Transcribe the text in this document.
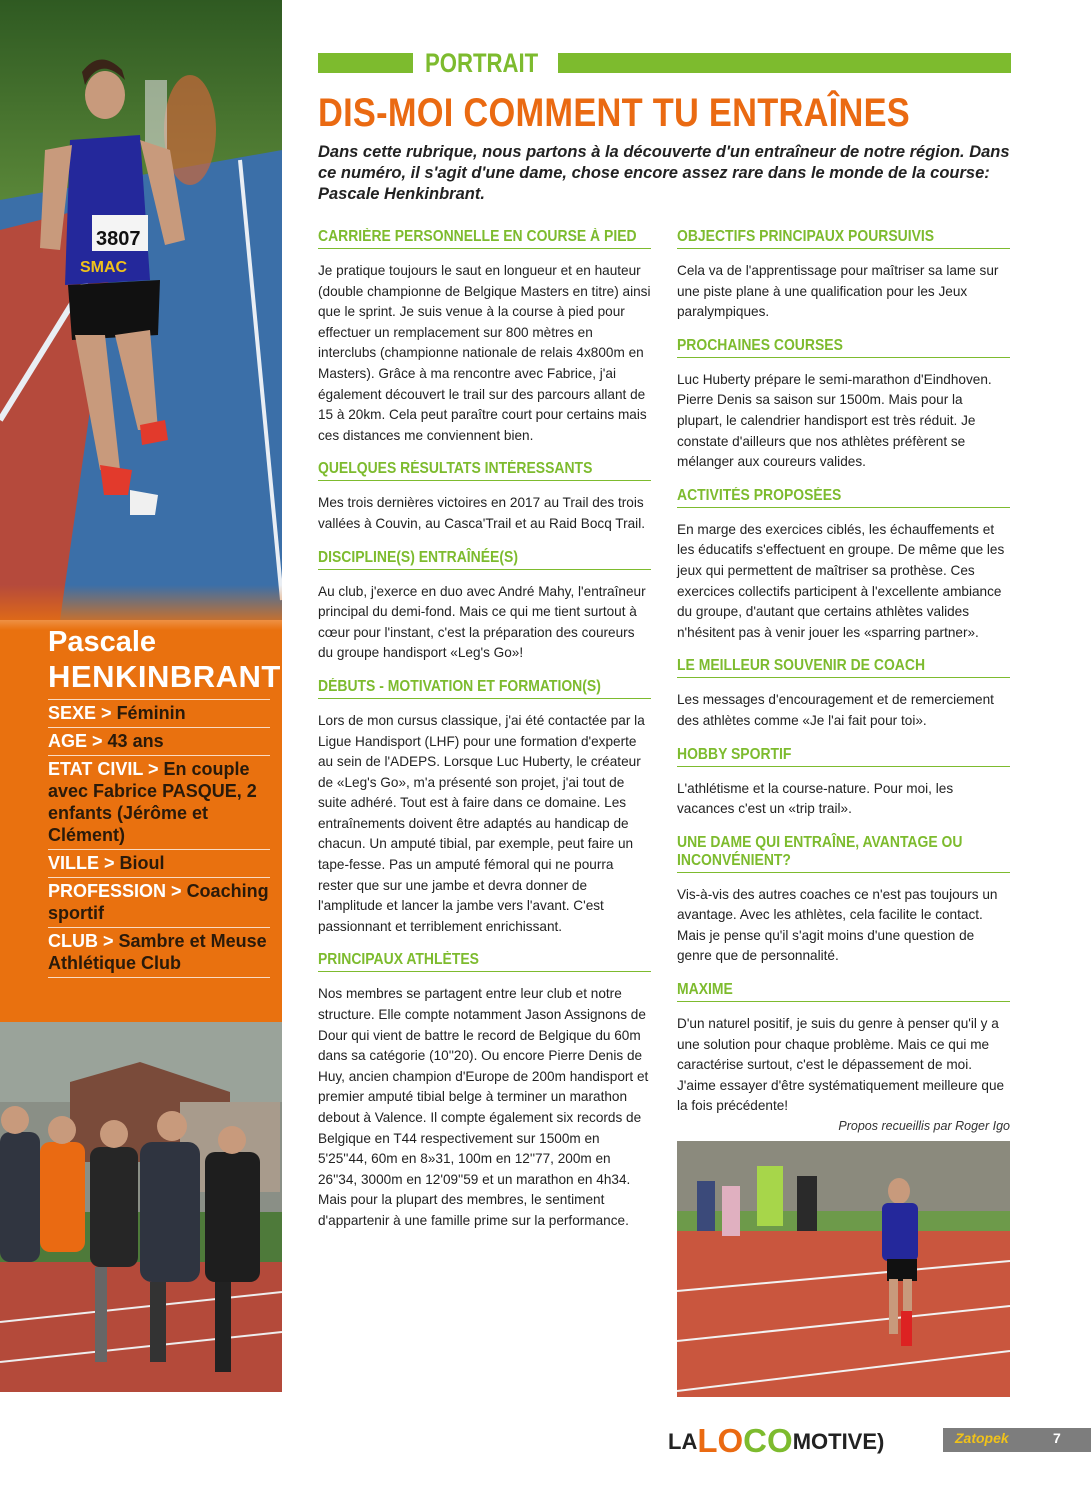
3807
SMAC
Pascale
HENKINBRANT
SEXE > Féminin
AGE > 43 ans
ETAT CIVIL > En couple avec Fabrice PASQUE, 2 enfants (Jérôme et Clément)
VILLE > Bioul
PROFESSION > Coaching sportif
CLUB > Sambre et Meuse Athlétique Club
PORTRAIT
DIS-MOI COMMENT TU ENTRAÎNES
Dans cette rubrique, nous partons à la découverte d'un entraîneur de notre région. Dans ce numéro, il s'agit d'une dame, chose encore assez rare dans le monde de la course: Pascale Henkinbrant.
CARRIÈRE PERSONNELLE EN COURSE À PIED

Je pratique toujours le saut en longueur et en hauteur (double championne de Belgique Masters en titre) ainsi que le sprint. Je suis venue à la course à pied pour effectuer un remplacement sur 800 mètres en interclubs (championne nationale de relais 4x800m en Masters). Grâce à ma rencontre avec Fabrice, j'ai également découvert le trail sur des parcours allant de 15 à 20km. Cela peut paraître court pour certains mais ces distances me conviennent bien.

QUELQUES RÉSULTATS INTÉRESSANTS

Mes trois dernières victoires en 2017 au Trail des trois vallées à Couvin, au Casca'Trail et au Raid Bocq Trail.

DISCIPLINE(S) ENTRAÎNÉE(S)

Au club, j'exerce en duo avec André Mahy, l'entraîneur principal du demi-fond. Mais ce qui me tient surtout à cœur pour l'instant, c'est la préparation des coureurs du groupe handisport «Leg's Go»!

DÉBUTS - MOTIVATION ET FORMATION(S)

Lors de mon cursus classique, j'ai été contactée par la Ligue Handisport (LHF) pour une formation d'experte au sein de l'ADEPS. Lorsque Luc Huberty, le créateur de «Leg's Go», m'a présenté son projet, j'ai tout de suite adhéré. Tout est à faire dans ce domaine. Les entraînements doivent être adaptés au handicap de chacun. Un amputé tibial, par exemple, peut faire un tape-fesse. Pas un amputé fémoral qui ne pourra rester que sur une jambe et devra donner de l'amplitude et lancer la jambe vers l'avant. C'est passionnant et terriblement enrichissant.

PRINCIPAUX ATHLÈTES

Nos membres se partagent entre leur club et notre structure. Elle compte notamment Jason Assignons de Dour qui vient de battre le record de Belgique du 60m dans sa catégorie (10''20). Ou encore Pierre Denis de Huy, ancien champion d'Europe de 200m handisport et premier amputé tibial belge à terminer un marathon debout à Valence. Il compte également six records de Belgique en T44 respectivement sur 1500m en 5'25''44, 60m en 8»31, 100m en 12''77, 200m en 26''34, 3000m en 12'09''59 et un marathon en 4h34. Mais pour la plupart des membres, le sentiment d'appartenir à une famille prime sur la performance.

OBJECTIFS PRINCIPAUX POURSUIVIS

Cela va de l'apprentissage pour maîtriser sa lame sur une piste plane à une qualification pour les Jeux paralympiques.

PROCHAINES COURSES

Luc Huberty prépare le semi-marathon d'Eindhoven. Pierre Denis sa saison sur 1500m. Mais pour la plupart, le calendrier handisport est très réduit. Je constate d'ailleurs que nos athlètes préfèrent se mélanger aux coureurs valides.

ACTIVITÉS PROPOSÉES

En marge des exercices ciblés, les échauffements et les éducatifs s'effectuent en groupe. De même que les jeux qui permettent de maîtriser sa prothèse. Ces exercices collectifs participent à l'excellente ambiance du groupe, d'autant que certains athlètes valides n'hésitent pas à venir jouer les «sparring partner».

LE MEILLEUR SOUVENIR DE COACH

Les messages d'encouragement et de remerciement des athlètes comme «Je l'ai fait pour toi».

HOBBY SPORTIF

L'athlétisme et la course-nature. Pour moi, les vacances c'est un «trip trail».

UNE DAME QUI ENTRAÎNE, AVANTAGE OU INCONVÉNIENT?

Vis-à-vis des autres coaches ce n'est pas toujours un avantage. Avec les athlètes, cela facilite le contact. Mais je pense qu'il s'agit moins d'une question de genre que de personnalité.

MAXIME

D'un naturel positif, je suis du genre à penser qu'il y a une solution pour chaque problème. Mais ce qui me caractérise surtout, c'est le dépassement de moi. J'aime essayer d'être systématiquement meilleure que la fois précédente!

Propos recueillis par Roger Igo
LALOCOMOTIVE)	Zatopek	7
